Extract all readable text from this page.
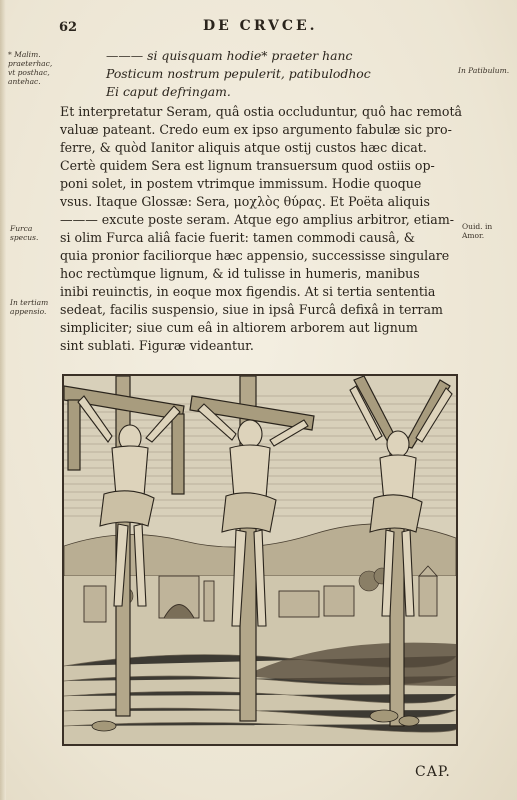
62	DE CRVCE.
* Malim. praeterhac, vt posthac, antehac.
Furca specus.
In tertiam appensio.
In Patibulum.
Ouid. in Amor.
——— si quisquam hodie* praeter hanc
Posticum nostrum pepulerit, patibulodhoc
Ei caput defringam.
Et interpretatur Seram, quâ ostia occluduntur, quô hac remotâ
valuæ pateant. Credo eum ex ipso argumento fabulæ sic pro-
ferre, & quòd Ianitor aliquis atque ostij custos hæc dicat.
Certè quidem Sera est lignum transuersum quod ostiis op-
poni solet, in postem vtrimque immissum. Hodie quoque
vsus. Itaque Glossæ: Sera, μοχλὸς θύρας. Et Poëta aliquis
——— excute poste seram. Atque ego amplius arbitror, etiam-
si olim Furca aliâ facie fuerit: tamen commodi causâ, &
quia pronior faciliorque hæc appensio, successisse singulare
hoc rectùmque lignum, & id tulisse in humeris, manibus
inibi reuinctis, in eoque mox figendis. At si tertia sententia
sedeat, facilis suspensio, siue in ipsâ Furcâ defixâ in terram
simpliciter; siue cum eâ in altiorem arborem aut lignum
sint sublati. Figuræ videantur.
CAP.
